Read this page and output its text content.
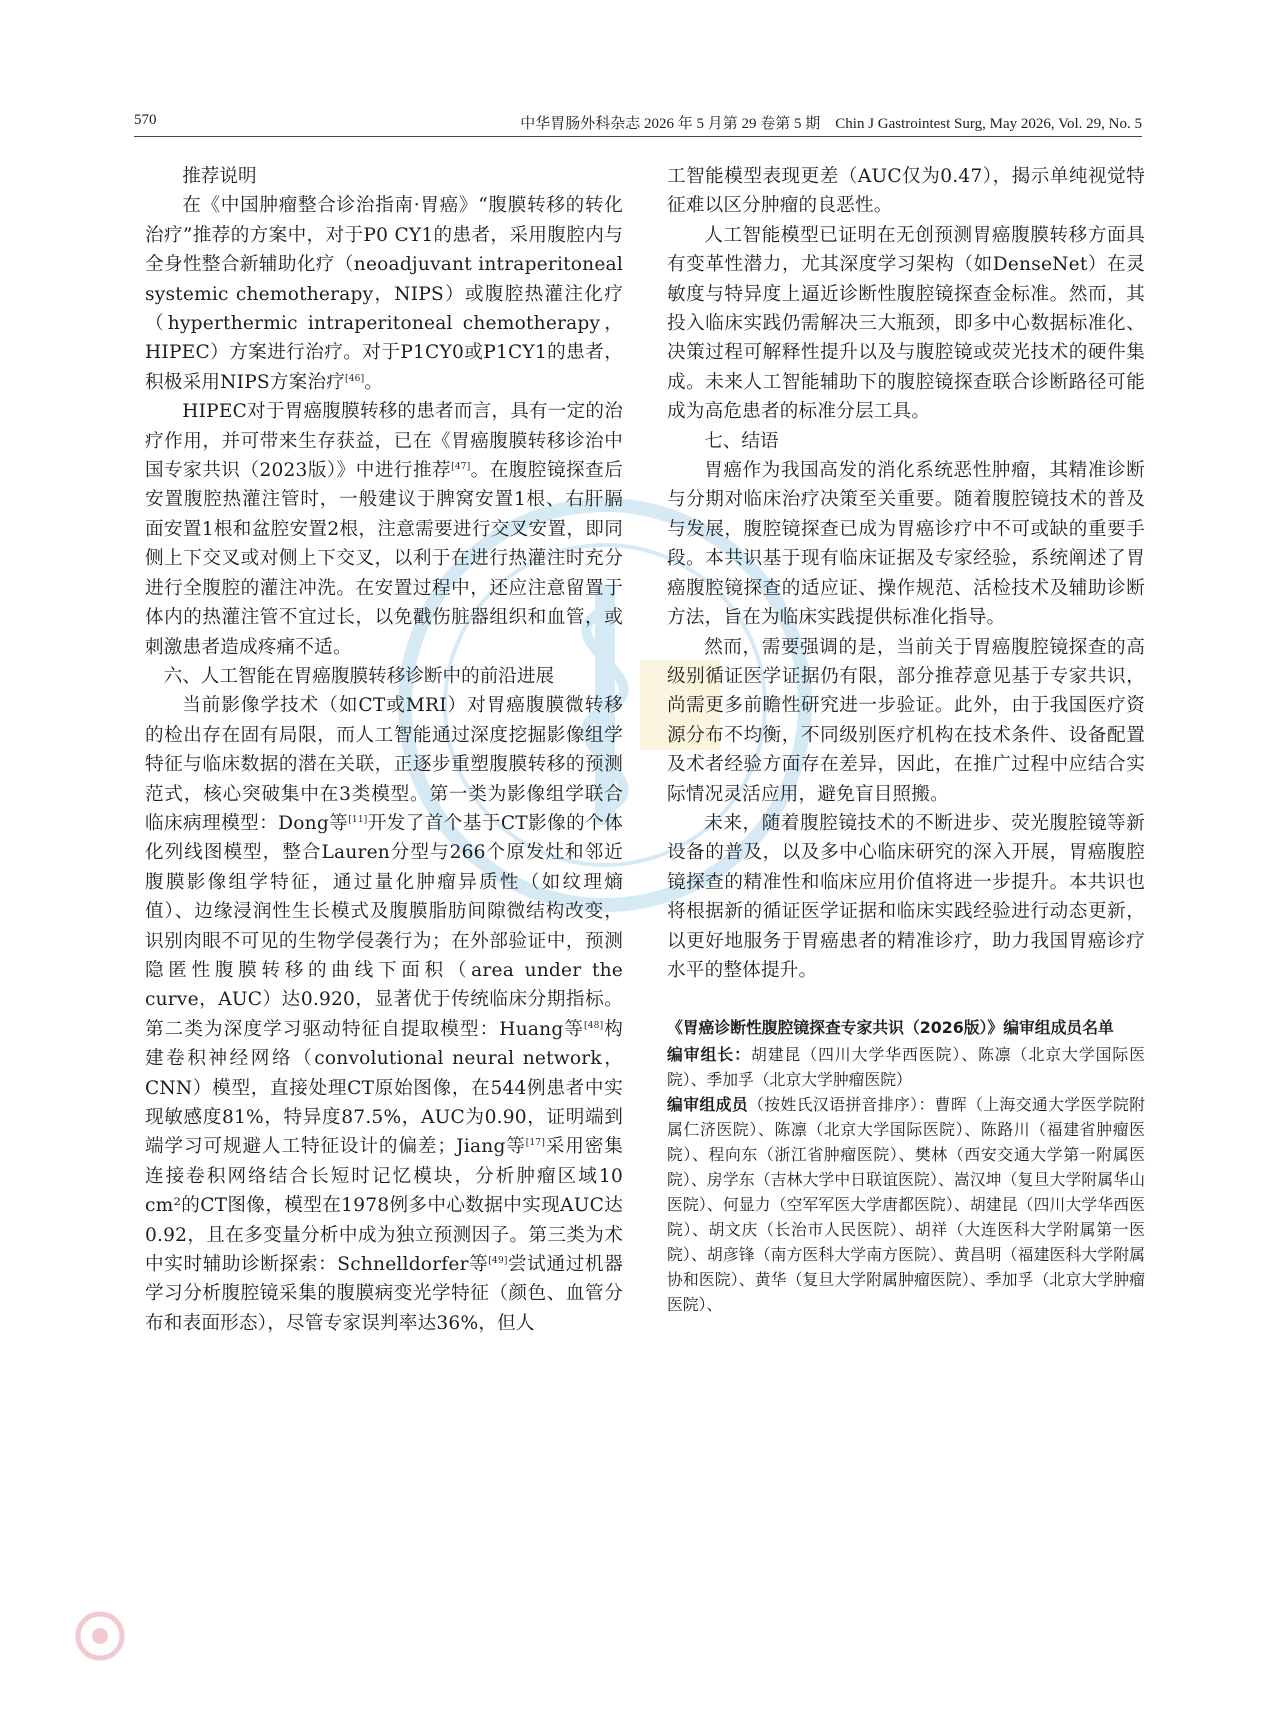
570	中华胃肠外科杂志 2026 年 5 月第 29 卷第 5 期　Chin J Gastrointest Surg, May 2026, Vol. 29, No. 5

推荐说明

在《中国肿瘤整合诊治指南·胃癌》“腹膜转移的转化治疗”推荐的方案中，对于P0 CY1的患者，采用腹腔内与全身性整合新辅助化疗（neoadjuvant intraperitoneal systemic chemotherapy，NIPS）或腹腔热灌注化疗（hyperthermic intraperitoneal chemotherapy，HIPEC）方案进行治疗。对于P1CY0或P1CY1的患者，积极采用NIPS方案治疗[46]。

HIPEC对于胃癌腹膜转移的患者而言，具有一定的治疗作用，并可带来生存获益，已在《胃癌腹膜转移诊治中国专家共识（2023版）》中进行推荐[47]。在腹腔镜探查后安置腹腔热灌注管时，一般建议于脾窝安置1根、右肝膈面安置1根和盆腔安置2根，注意需要进行交叉安置，即同侧上下交叉或对侧上下交叉，以利于在进行热灌注时充分进行全腹腔的灌注冲洗。在安置过程中，还应注意留置于体内的热灌注管不宜过长，以免戳伤脏器组织和血管，或刺激患者造成疼痛不适。

六、人工智能在胃癌腹膜转移诊断中的前沿进展

当前影像学技术（如CT或MRI）对胃癌腹膜微转移的检出存在固有局限，而人工智能通过深度挖掘影像组学特征与临床数据的潜在关联，正逐步重塑腹膜转移的预测范式，核心突破集中在3类模型。第一类为影像组学联合临床病理模型：Dong等[11]开发了首个基于CT影像的个体化列线图模型，整合Lauren分型与266个原发灶和邻近腹膜影像组学特征，通过量化肿瘤异质性（如纹理熵值）、边缘浸润性生长模式及腹膜脂肪间隙微结构改变，识别肉眼不可见的生物学侵袭行为；在外部验证中，预测隐匿性腹膜转移的曲线下面积（area under the curve，AUC）达0.920，显著优于传统临床分期指标。第二类为深度学习驱动特征自提取模型：Huang等[48]构建卷积神经网络（convolutional neural network，CNN）模型，直接处理CT原始图像，在544例患者中实现敏感度81%，特异度87.5%，AUC为0.90，证明端到端学习可规避人工特征设计的偏差；Jiang等[17]采用密集连接卷积网络结合长短时记忆模块，分析肿瘤区域10 cm²的CT图像，模型在1978例多中心数据中实现AUC达0.92，且在多变量分析中成为独立预测因子。第三类为术中实时辅助诊断探索：Schnelldorfer等[49]尝试通过机器学习分析腹腔镜采集的腹膜病变光学特征（颜色、血管分布和表面形态），尽管专家误判率达36%，但人

工智能模型表现更差（AUC仅为0.47），揭示单纯视觉特征难以区分肿瘤的良恶性。

人工智能模型已证明在无创预测胃癌腹膜转移方面具有变革性潜力，尤其深度学习架构（如DenseNet）在灵敏度与特异度上逼近诊断性腹腔镜探查金标准。然而，其投入临床实践仍需解决三大瓶颈，即多中心数据标准化、决策过程可解释性提升以及与腹腔镜或荧光技术的硬件集成。未来人工智能辅助下的腹腔镜探查联合诊断路径可能成为高危患者的标准分层工具。

七、结语

胃癌作为我国高发的消化系统恶性肿瘤，其精准诊断与分期对临床治疗决策至关重要。随着腹腔镜技术的普及与发展，腹腔镜探查已成为胃癌诊疗中不可或缺的重要手段。本共识基于现有临床证据及专家经验，系统阐述了胃癌腹腔镜探查的适应证、操作规范、活检技术及辅助诊断方法，旨在为临床实践提供标准化指导。

然而，需要强调的是，当前关于胃癌腹腔镜探查的高级别循证医学证据仍有限，部分推荐意见基于专家共识，尚需更多前瞻性研究进一步验证。此外，由于我国医疗资源分布不均衡，不同级别医疗机构在技术条件、设备配置及术者经验方面存在差异，因此，在推广过程中应结合实际情况灵活应用，避免盲目照搬。

未来，随着腹腔镜技术的不断进步、荧光腹腔镜等新设备的普及，以及多中心临床研究的深入开展，胃癌腹腔镜探查的精准性和临床应用价值将进一步提升。本共识也将根据新的循证医学证据和临床实践经验进行动态更新，以更好地服务于胃癌患者的精准诊疗，助力我国胃癌诊疗水平的整体提升。

《胃癌诊断性腹腔镜探查专家共识（2026版）》编审组成员名单

编审组长：胡建昆（四川大学华西医院）、陈凛（北京大学国际医院）、季加孚（北京大学肿瘤医院）

编审组成员（按姓氏汉语拼音排序）：曹晖（上海交通大学医学院附属仁济医院）、陈凛（北京大学国际医院）、陈路川（福建省肿瘤医院）、程向东（浙江省肿瘤医院）、樊林（西安交通大学第一附属医院）、房学东（吉林大学中日联谊医院）、嵩汉坤（复旦大学附属华山医院）、何显力（空军军医大学唐都医院）、胡建昆（四川大学华西医院）、胡文庆（长治市人民医院）、胡祥（大连医科大学附属第一医院）、胡彦锋（南方医科大学南方医院）、黄昌明（福建医科大学附属协和医院）、黄华（复旦大学附属肿瘤医院）、季加孚（北京大学肿瘤医院）、
